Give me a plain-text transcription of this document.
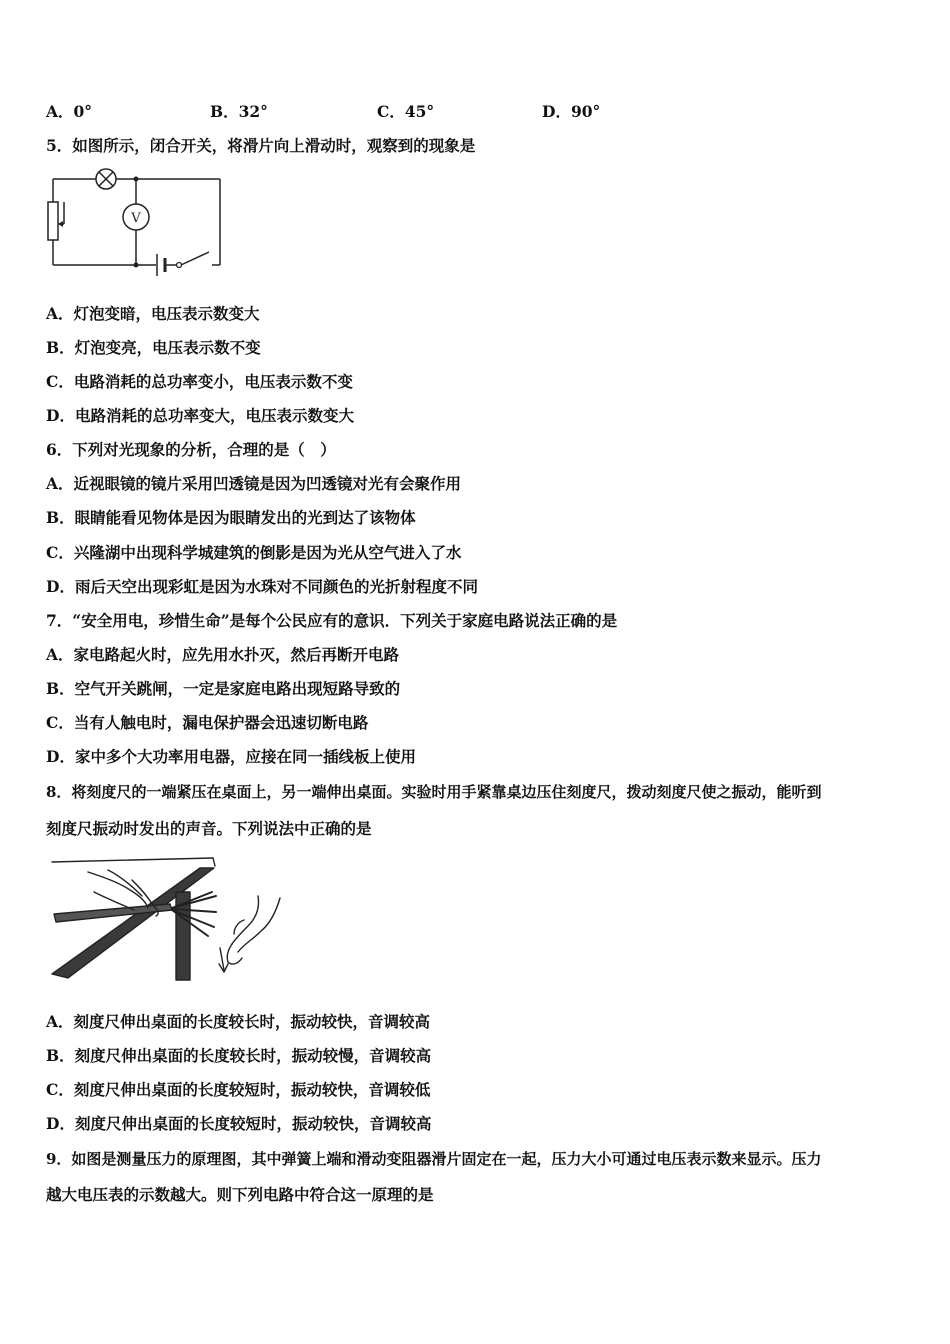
A．0°	B．32°	C．45°	D．90°
5．如图所示，闭合开关，将滑片向上滑动时，观察到的现象是
V
A．灯泡变暗，电压表示数变大
B．灯泡变亮，电压表示数不变
C．电路消耗的总功率变小，电压表示数不变
D．电路消耗的总功率变大，电压表示数变大
6．下列对光现象的分析，合理的是（　）
A．近视眼镜的镜片采用凹透镜是因为凹透镜对光有会聚作用
B．眼睛能看见物体是因为眼睛发出的光到达了该物体
C．兴隆湖中出现科学城建筑的倒影是因为光从空气进入了水
D．雨后天空出现彩虹是因为水珠对不同颜色的光折射程度不同
7．“安全用电，珍惜生命”是每个公民应有的意识．下列关于家庭电路说法正确的是
A．家电路起火时，应先用水扑灭，然后再断开电路
B．空气开关跳闸，一定是家庭电路出现短路导致的
C．当有人触电时，漏电保护器会迅速切断电路
D．家中多个大功率用电器，应接在同一插线板上使用
8．将刻度尺的一端紧压在桌面上，另一端伸出桌面。实验时用手紧靠桌边压住刻度尺，拨动刻度尺使之振动，能听到
刻度尺振动时发出的声音。下列说法中正确的是
A．刻度尺伸出桌面的长度较长时，振动较快，音调较高
B．刻度尺伸出桌面的长度较长时，振动较慢，音调较高
C．刻度尺伸出桌面的长度较短时，振动较快，音调较低
D．刻度尺伸出桌面的长度较短时，振动较快，音调较高
9．如图是测量压力的原理图，其中弹簧上端和滑动变阻器滑片固定在一起，压力大小可通过电压表示数来显示。压力
越大电压表的示数越大。则下列电路中符合这一原理的是
